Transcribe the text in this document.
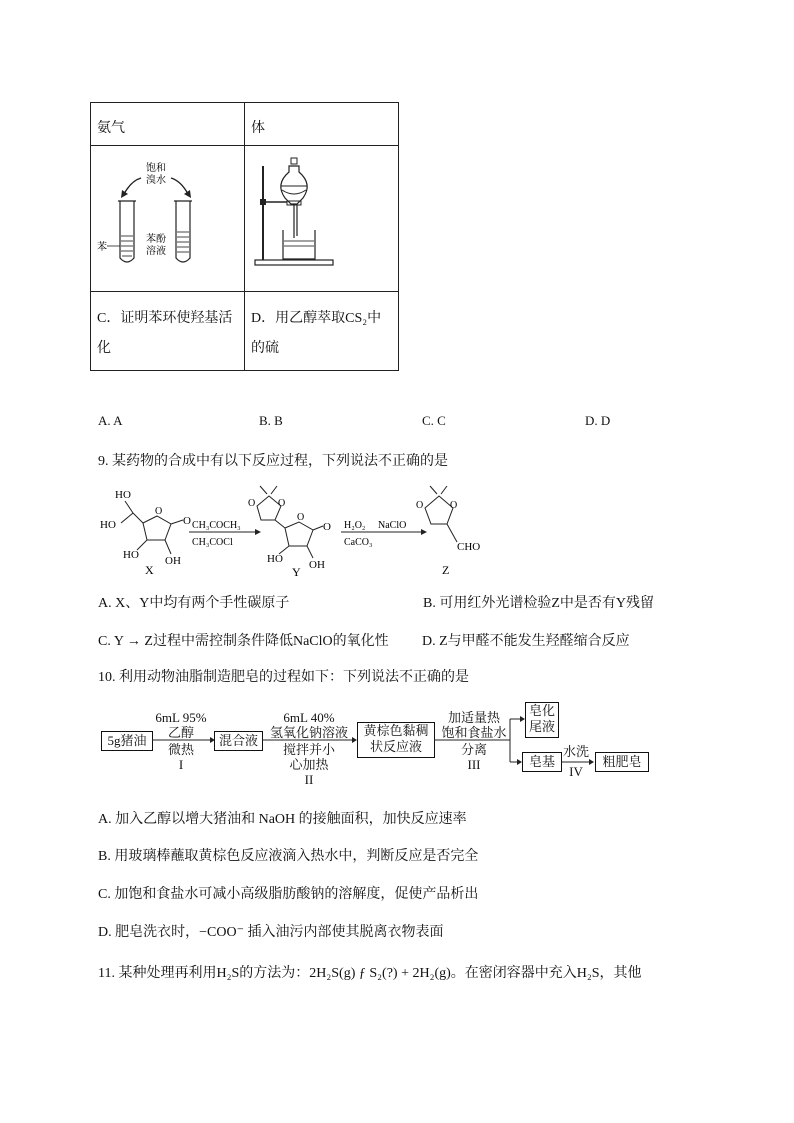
氨气	体

饱和
溴水
苯
苯酚
溶液

C．证明苯环使羟基活化	D．用乙醇萃取CS₂中的硫
A. A	B. B	C. C	D. D
9. 某药物的合成中有以下反应过程，下列说法不正确的是
HO
HO
O
O
HO OH
X
CH₃COCH₃
CH₃COCl
O
O
O
O
HO OH
Y
H₂O₂ NaClO
CaCO₃
O
O
CHO
Z
A. X、Y中均有两个手性碳原子	B. 可用红外光谱检验Z中是否有Y残留
C. Y → Z过程中需控制条件降低NaClO的氧化性 D. Z与甲醛不能发生羟醛缩合反应
10. 利用动物油脂制造肥皂的过程如下：下列说法不正确的是
5g猪油
6mL 95%
乙醇
微热
I
混合液
6mL 40%
氢氧化钠溶液
搅拌并小
心加热
II
黄棕色黏稠
状反应液
加适量热
饱和食盐水
分离
III
皂化
尾液
皂基
水洗
IV
粗肥皂
A. 加入乙醇以增大猪油和 NaOH 的接触面积，加快反应速率
B. 用玻璃棒蘸取黄棕色反应液滴入热水中，判断反应是否完全
C. 加饱和食盐水可减小高级脂肪酸钠的溶解度，促使产品析出
D. 肥皂洗衣时，−COO⁻ 插入油污内部使其脱离衣物表面
11. 某种处理再利用H₂S的方法为：2H₂S(g) ƒ S₂(?) + 2H₂(g)。在密闭容器中充入H₂S，其他
